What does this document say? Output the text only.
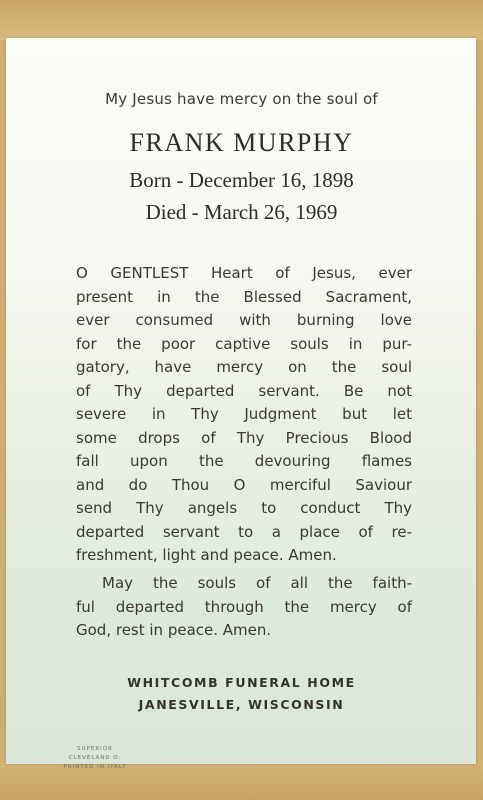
My Jesus have mercy on the soul of
FRANK MURPHY
Born - December 16, 1898
Died - March 26, 1969
O GENTLEST Heart of Jesus, ever
present in the Blessed Sacrament,
ever consumed with burning love
for the poor captive souls in pur-
gatory, have mercy on the soul
of Thy departed servant. Be not
severe in Thy Judgment but let
some drops of Thy Precious Blood
fall upon the devouring flames
and do Thou O merciful Saviour
send Thy angels to conduct Thy
departed servant to a place of re-
freshment, light and peace. Amen.
May the souls of all the faith-
ful departed through the mercy of
God, rest in peace. Amen.
WHITCOMB FUNERAL HOME
JANESVILLE, WISCONSIN
SUPERIOR
CLEVELAND O.
PRINTED IN ITALY
